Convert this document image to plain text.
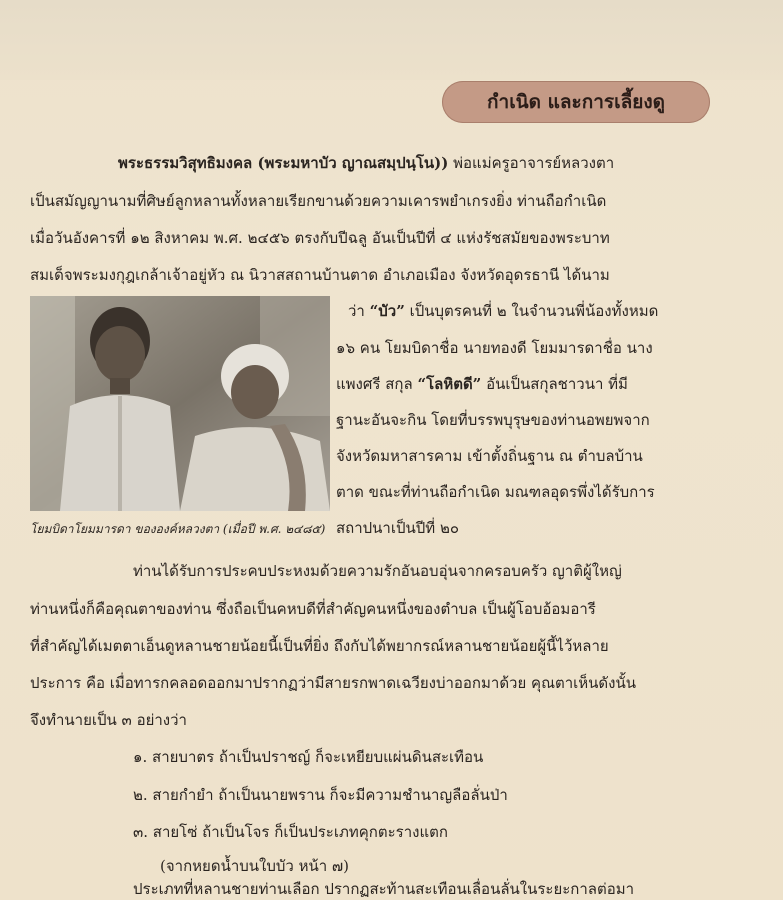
กำเนิด และการเลี้ยงดู
พระธรรมวิสุทธิมงคล (พระมหาบัว ญาณสมฺปนฺโน)) พ่อแม่ครูอาจารย์หลวงตา
เป็นสมัญญานามที่ศิษย์ลูกหลานทั้งหลายเรียกขานด้วยความเคารพยำเกรงยิ่ง ท่านถือกำเนิด
เมื่อวันอังคารที่ ๑๒ สิงหาคม พ.ศ. ๒๔๕๖ ตรงกับปีฉลู อันเป็นปีที่ ๔ แห่งรัชสมัยของพระบาท
สมเด็จพระมงกุฎเกล้าเจ้าอยู่หัว ณ นิวาสสถานบ้านตาด อำเภอเมือง จังหวัดอุดรธานี ได้นาม
ว่า “บัว” เป็นบุตรคนที่ ๒ ในจำนวนพี่น้องทั้งหมด
๑๖ คน โยมบิดาชื่อ นายทองดี โยมมารดาชื่อ นาง
แพงศรี สกุล “โลหิตดี” อันเป็นสกุลชาวนา ที่มี
ฐานะอันจะกิน โดยที่บรรพบุรุษของท่านอพยพจาก
จังหวัดมหาสารคาม เข้าตั้งถิ่นฐาน ณ ตำบลบ้าน
ตาด ขณะที่ท่านถือกำเนิด มณฑลอุดรพึ่งได้รับการ
สถาปนาเป็นปีที่ ๒๐
โยมบิดาโยมมารดา ขององค์หลวงตา (เมื่อปี พ.ศ. ๒๔๘๕)
ท่านได้รับการประคบประหงมด้วยความรักอันอบอุ่นจากครอบครัว ญาติผู้ใหญ่
ท่านหนึ่งก็คือคุณตาของท่าน ซึ่งถือเป็นคหบดีที่สำคัญคนหนึ่งของตำบล เป็นผู้โอบอ้อมอารี
ที่สำคัญได้เมตตาเอ็นดูหลานชายน้อยนี้เป็นที่ยิ่ง ถึงกับได้พยากรณ์หลานชายน้อยผู้นี้ไว้หลาย
ประการ คือ เมื่อทารกคลอดออกมาปรากฏว่ามีสายรกพาดเฉวียงบ่าออกมาด้วย คุณตาเห็นดังนั้น
จึงทำนายเป็น ๓ อย่างว่า
๑. สายบาตร ถ้าเป็นปราชญ์ ก็จะเหยียบแผ่นดินสะเทือน
๒. สายกำยำ ถ้าเป็นนายพราน ก็จะมีความชำนาญลือลั่นป่า
๓. สายโซ่ ถ้าเป็นโจร ก็เป็นประเภทคุกตะรางแตก
(จากหยดน้ำบนใบบัว หน้า ๗)
ประเภทที่หลานชายท่านเลือก ปรากฏสะท้านสะเทือนเลื่อนลั่นในระยะกาลต่อมา
